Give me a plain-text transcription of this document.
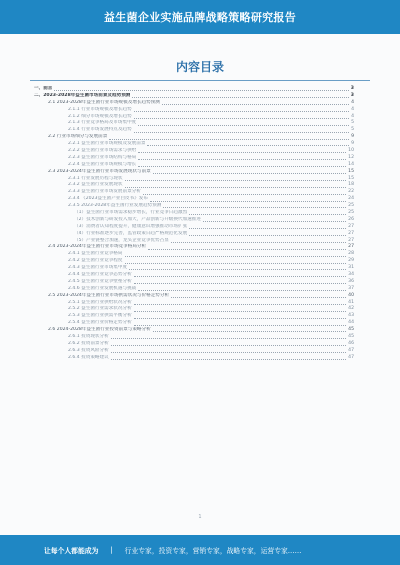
益生菌企业实施品牌战略策略研究报告
内容目录
一、前言	3
二、2023-2028年益生菌市场前景及趋势预测	3
2.1 2023-2028年益生菌行业市场规模及增长趋势预测	4
2.1.1 行业市场规模及增长趋势	4
2.1.2 细分市场规模及增长趋势	4
2.1.3 行业竞争格局及市场集中度	5
2.1.4 行业市场发展特点及趋势	5
2.2 行业市场细分与发展前景	9
2.2.1 益生菌行业市场规模及发展前景	9
2.2.2 益生菌行业市场需求与供给	10
2.2.3 益生菌行业市场结构与格局	12
2.2.4 益生菌行业市场规模与增长	14
2.3 2023-2024年益生菌行业市场发展现状与前景	15
2.3.1 行业发展历程与现状	15
2.3.2 益生菌行业发展现状	18
2.3.3 益生菌行业市场发展前景分析	22
2.3.4 《2023益生菌产业白皮书》发布	24
2.3.5 2023-2028年益生菌行业发展趋势预测	25
（1）益生菌行业市场需求稳步增长，行业竞争日趋激烈	25
（2）技术创新与研发投入加大，产品创新与升级换代加速推进	26
（3）消费者认知程度提升，健康意识增强推动市场扩张	27
（4）行业标准逐步完善，监管政策日趋严格规范化发展	27
（5）产业链整合加速，龙头企业竞争优势凸显	27
2.4 2023-2024年益生菌行业市场竞争格局分析	27
2.4.1 益生菌行业竞争格局	28
2.4.2 益生菌行业竞争程度	29
2.4.3 益生菌行业市场集中度	31
2.4.4 益生菌行业竞争态势分析	34
2.4.5 益生菌行业竞争壁垒分析	36
2.4.6 益生菌行业发展机遇与挑战	37
2.5 2023-2024年益生菌行业市场供需状况与价格走势分析	40
2.5.1 益生菌行业供给状况分析	41
2.5.2 益生菌行业需求状况分析	42
2.5.3 益生菌行业供需平衡分析	43
2.5.4 益生菌行业价格走势分析	44
2.6 2024-2028年益生菌行业投资前景与策略分析	45
2.6.1 投资现状分析	45
2.6.2 投资前景分析	46
2.6.3 投资风险分析	47
2.6.4 投资策略建议	47
1
让每个人都能成为 | 行业专家，投资专家，营销专家，战略专家，运营专家……
